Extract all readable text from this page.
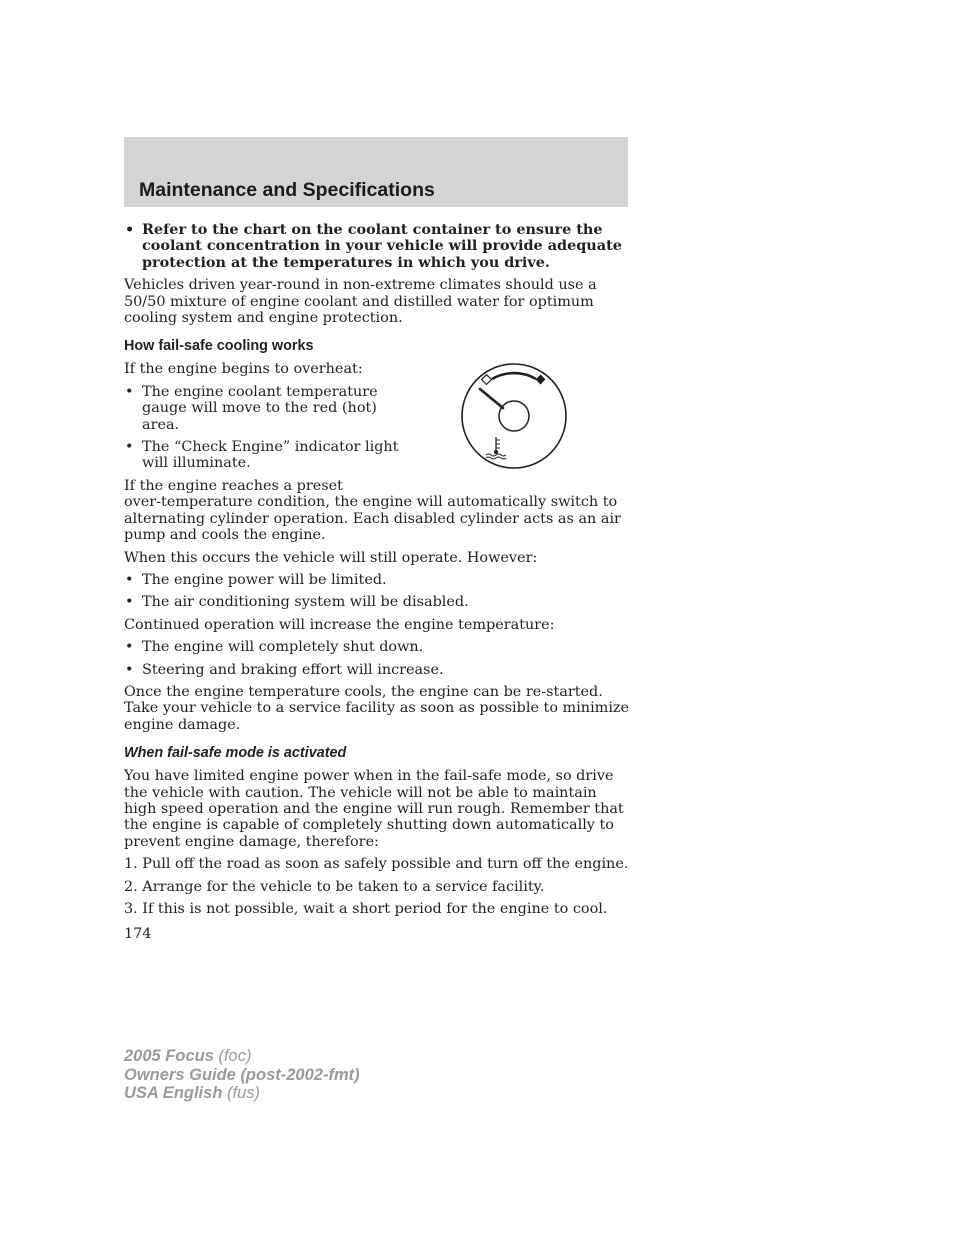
Maintenance and Specifications
• Refer to the chart on the coolant container to ensure the coolant concentration in your vehicle will provide adequate protection at the temperatures in which you drive.

Vehicles driven year-round in non-extreme climates should use a 50/50 mixture of engine coolant and distilled water for optimum cooling system and engine protection.

How fail-safe cooling works

If the engine begins to overheat:

• The engine coolant temperature gauge will move to the red (hot) area.
• The “Check Engine” indicator light will illuminate.

If the engine reaches a preset
over-temperature condition, the engine will automatically switch to alternating cylinder operation. Each disabled cylinder acts as an air pump and cools the engine.

When this occurs the vehicle will still operate. However:

• The engine power will be limited.
• The air conditioning system will be disabled.

Continued operation will increase the engine temperature:

• The engine will completely shut down.
• Steering and braking effort will increase.

Once the engine temperature cools, the engine can be re-started. Take your vehicle to a service facility as soon as possible to minimize engine damage.

When fail-safe mode is activated

You have limited engine power when in the fail-safe mode, so drive the vehicle with caution. The vehicle will not be able to maintain high speed operation and the engine will run rough. Remember that the engine is capable of completely shutting down automatically to prevent engine damage, therefore:

1. Pull off the road as soon as safely possible and turn off the engine.

2. Arrange for the vehicle to be taken to a service facility.

3. If this is not possible, wait a short period for the engine to cool.

174
2005 Focus (foc)
Owners Guide (post-2002-fmt)
USA English (fus)
